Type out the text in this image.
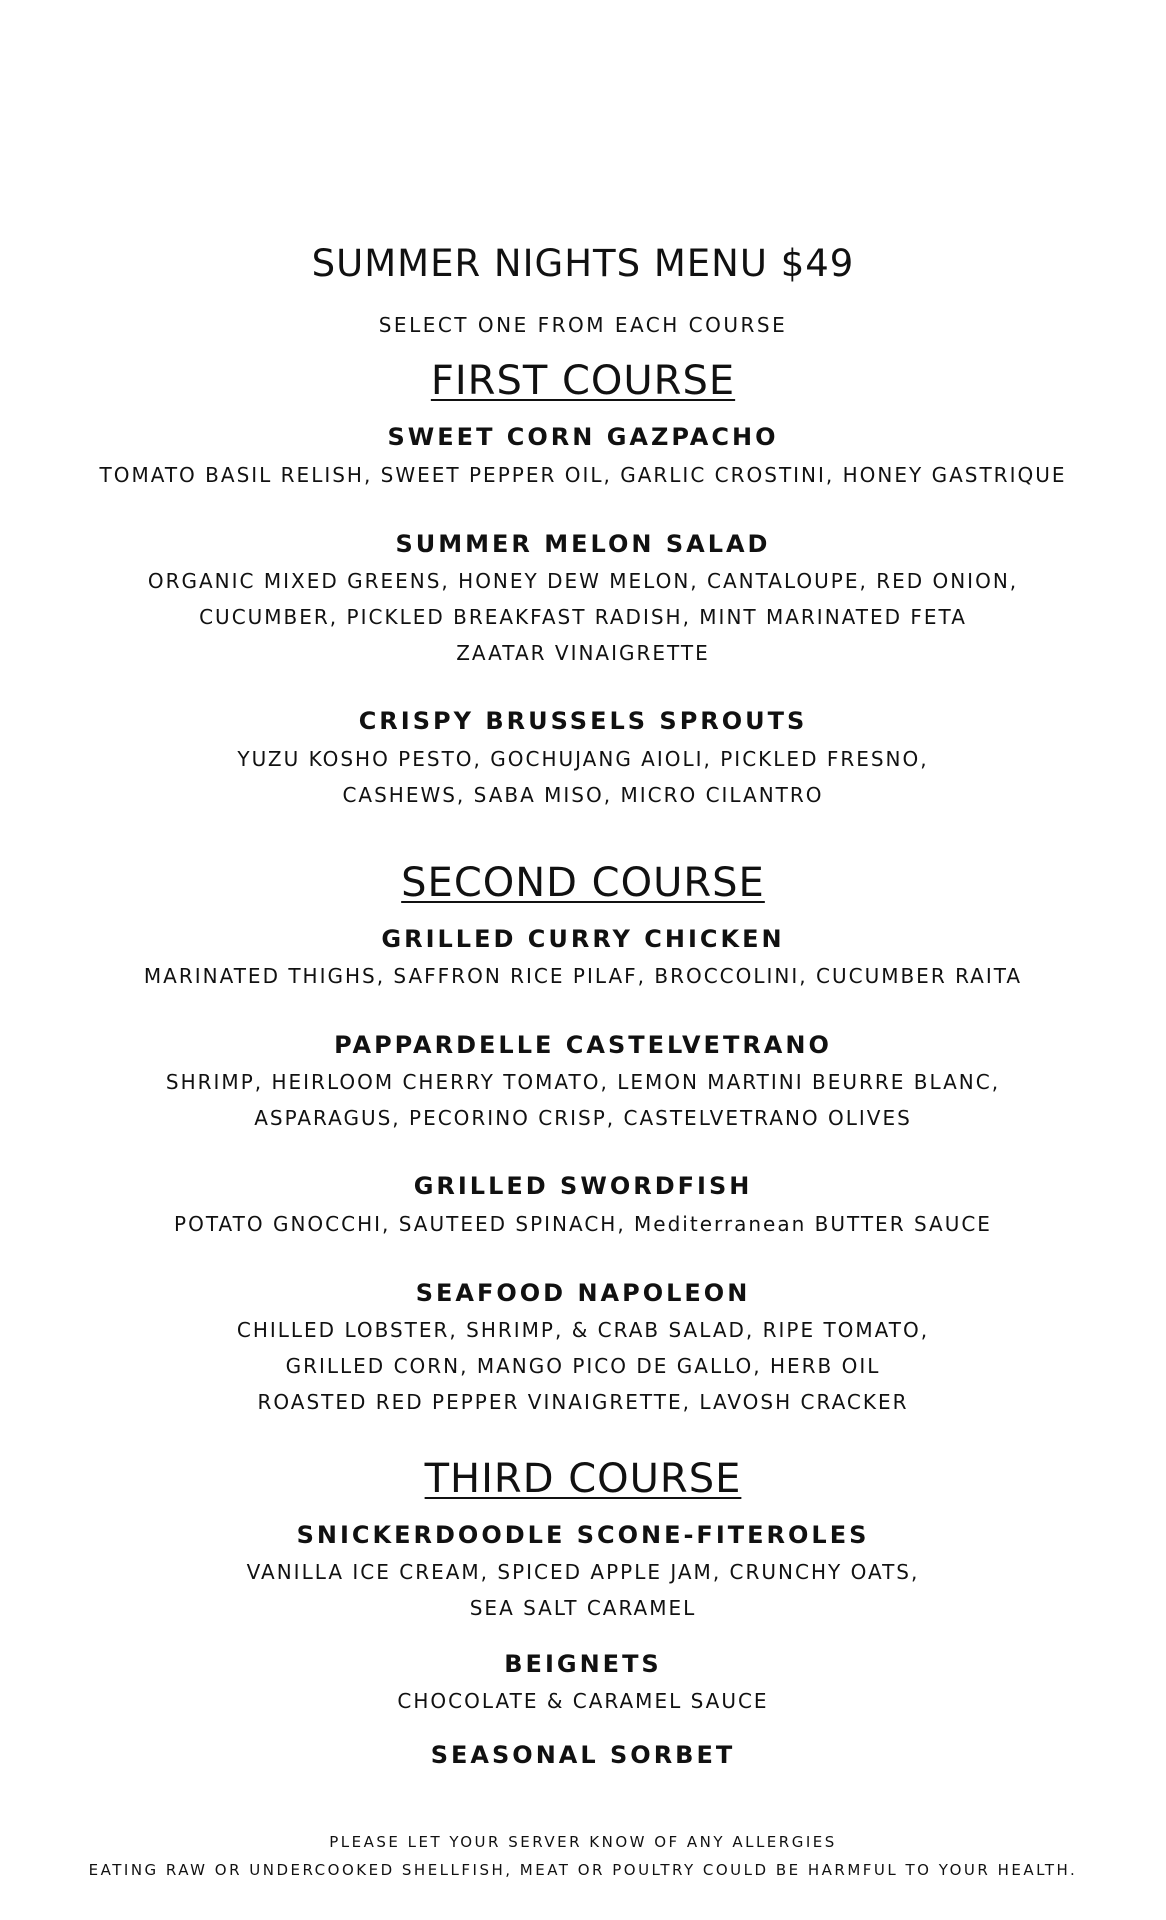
SUMMER NIGHTS MENU $49
SELECT ONE FROM EACH COURSE
FIRST COURSE
SWEET CORN GAZPACHO
TOMATO BASIL RELISH, SWEET PEPPER OIL, GARLIC CROSTINI, HONEY GASTRIQUE
SUMMER MELON SALAD
ORGANIC MIXED GREENS, HONEY DEW MELON, CANTALOUPE, RED ONION,
CUCUMBER, PICKLED BREAKFAST RADISH, MINT MARINATED FETA
ZAATAR VINAIGRETTE
CRISPY BRUSSELS SPROUTS
YUZU KOSHO PESTO, GOCHUJANG AIOLI, PICKLED FRESNO,
CASHEWS, SABA MISO, MICRO CILANTRO
SECOND COURSE
GRILLED CURRY CHICKEN
MARINATED THIGHS, SAFFRON RICE PILAF, BROCCOLINI, CUCUMBER RAITA
PAPPARDELLE CASTELVETRANO
SHRIMP, HEIRLOOM CHERRY TOMATO, LEMON MARTINI BEURRE BLANC,
ASPARAGUS, PECORINO CRISP, CASTELVETRANO OLIVES
GRILLED SWORDFISH
POTATO GNOCCHI, SAUTEED SPINACH, Mediterranean BUTTER SAUCE
SEAFOOD NAPOLEON
CHILLED LOBSTER, SHRIMP, & CRAB SALAD, RIPE TOMATO,
GRILLED CORN, MANGO PICO DE GALLO, HERB OIL
ROASTED RED PEPPER VINAIGRETTE, LAVOSH CRACKER
THIRD COURSE
SNICKERDOODLE SCONE-FITEROLES
VANILLA ICE CREAM, SPICED APPLE JAM, CRUNCHY OATS,
SEA SALT CARAMEL
BEIGNETS
CHOCOLATE & CARAMEL SAUCE
SEASONAL SORBET
PLEASE LET YOUR SERVER KNOW OF ANY ALLERGIES
EATING RAW OR UNDERCOOKED SHELLFISH, MEAT OR POULTRY COULD BE HARMFUL TO YOUR HEALTH.
